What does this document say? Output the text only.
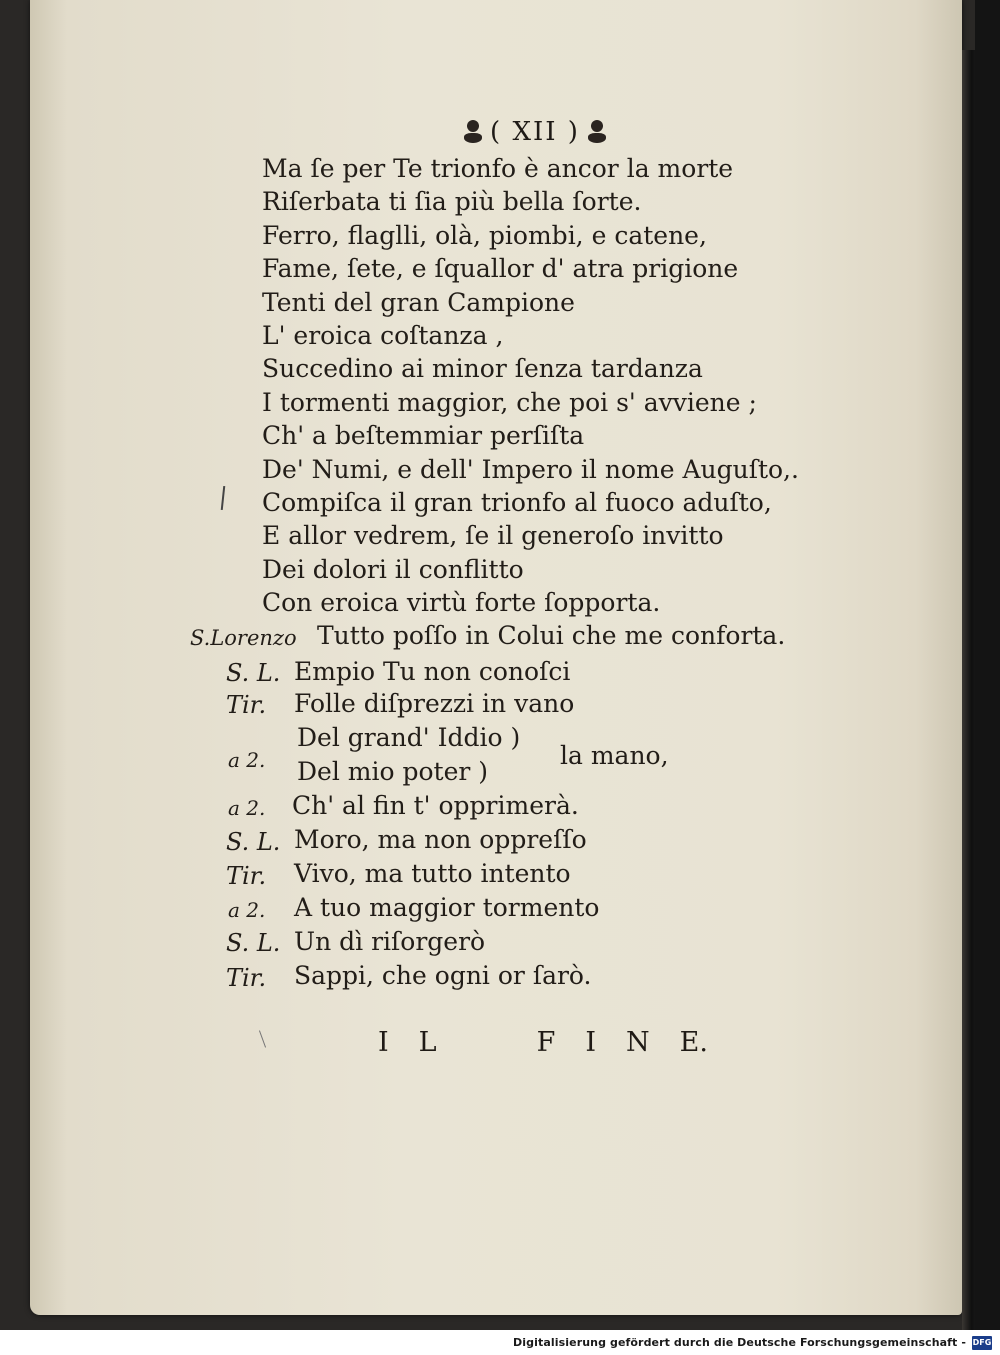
( XII )
Ma ſe per Te trionfo è ancor la morte
Riſerbata ti ſia più bella ſorte.
Ferro, flaglli, olà, piombi, e catene,
Fame, ſete, e ſquallor d' atra prigione
Tenti del gran Campione
L' eroica coſtanza ,
Succedino ai minor ſenza tardanza
I tormenti maggior, che poi s' avviene ;
Ch' a beſtemmiar perſiſta
De' Numi, e dell' Impero il nome Auguſto,.
Compiſca il gran trionfo al fuoco aduſto,
E allor vedrem, ſe il generoſo invitto
Dei dolori il conflitto
Con eroica virtù forte ſopporta.
S.Lorenzo Tutto poſſo in Colui che me conforta.
S. L. Empio Tu non conoſci
Tir. Folle diſprezzi in vano
Del grand' Iddio )
a 2. Del mio poter )
la mano,
a 2. Ch' al fin t' opprimerà.
S. L. Moro, ma non oppreſſo
Tir. Vivo, ma tutto intento
a 2. A tuo maggior tormento
S. L. Un dì riſorgerò
Tir. Sappi, che ogni or ſarò.
I L	F I N E.
Digitalisierung gefördert durch die Deutsche Forschungsgemeinschaft - DFG
